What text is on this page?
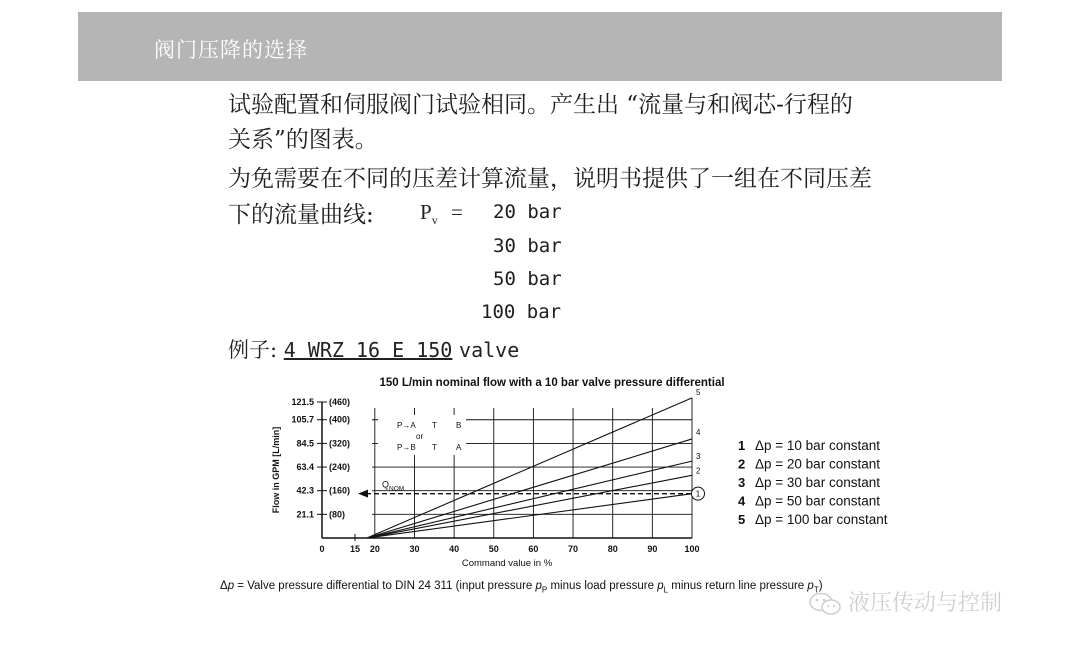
阀门压降的选择
试验配置和伺服阀门试验相同。产生出 “流量与和阀芯-行程的
关系”的图表。
为免需要在不同的压差计算流量，说明书提供了一组在不同压差
下的流量曲线: $P_v = 20$ bar
30 bar
50 bar
100 bar
例子: 4 WRZ 16 E 150 valve
150 L/min nominal flow with a 10 bar valve pressure differential
121.5 (460)
105.7 (400)
84.5 (320)
63.4 (240)
42.3 (160)
21.1 (80)
0	15 20	30	40	50	60	70	80	90	100
Flow in GPM [L/min]
Command value in %
P→A T B
or
P→B T A
2
3
4
5
$Q_{NOM}$	1
1 Δp = 10 bar constant
2 Δp = 20 bar constant
3 Δp = 30 bar constant
4 Δp = 50 bar constant
5 Δp = 100 bar constant
Δp = Valve pressure differential to DIN 24 311 (input pressure $p_P$ minus load pressure $p_L$ minus return line pressure $p_T$)
液压传动与控制
